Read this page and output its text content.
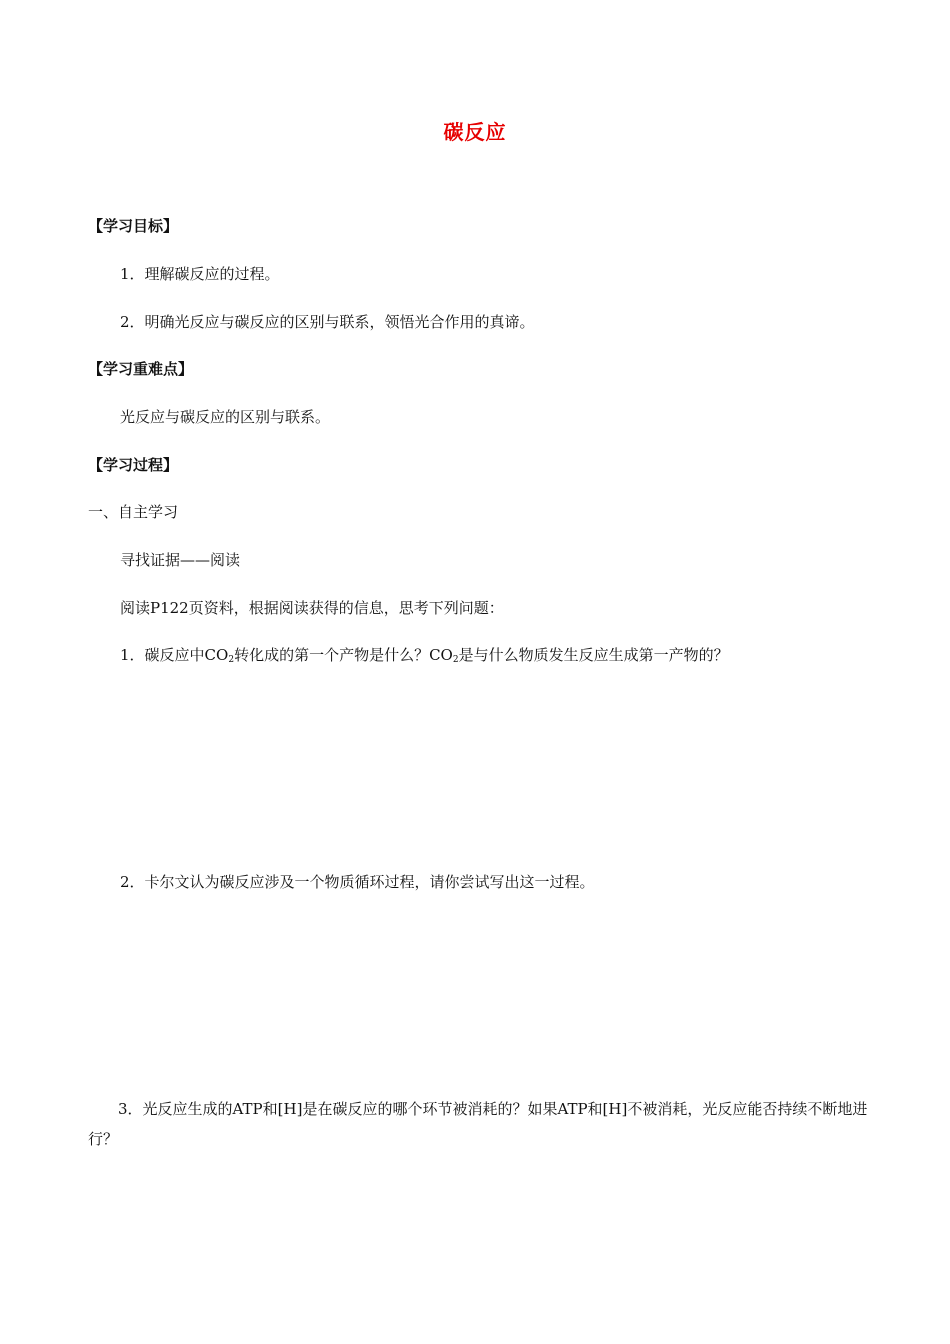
碳反应
【学习目标】
1．理解碳反应的过程。
2．明确光反应与碳反应的区别与联系，领悟光合作用的真谛。
【学习重难点】
光反应与碳反应的区别与联系。
【学习过程】
一、自主学习
寻找证据——阅读
阅读P122页资料，根据阅读获得的信息，思考下列问题：
1．碳反应中$CO_2$转化成的第一个产物是什么？$CO_2$是与什么物质发生反应生成第一产物的？
2．卡尔文认为碳反应涉及一个物质循环过程，请你尝试写出这一过程。
3．光反应生成的ATP和[H]是在碳反应的哪个环节被消耗的？如果ATP和[H]不被消耗，光反应能否持续不断地进行？
